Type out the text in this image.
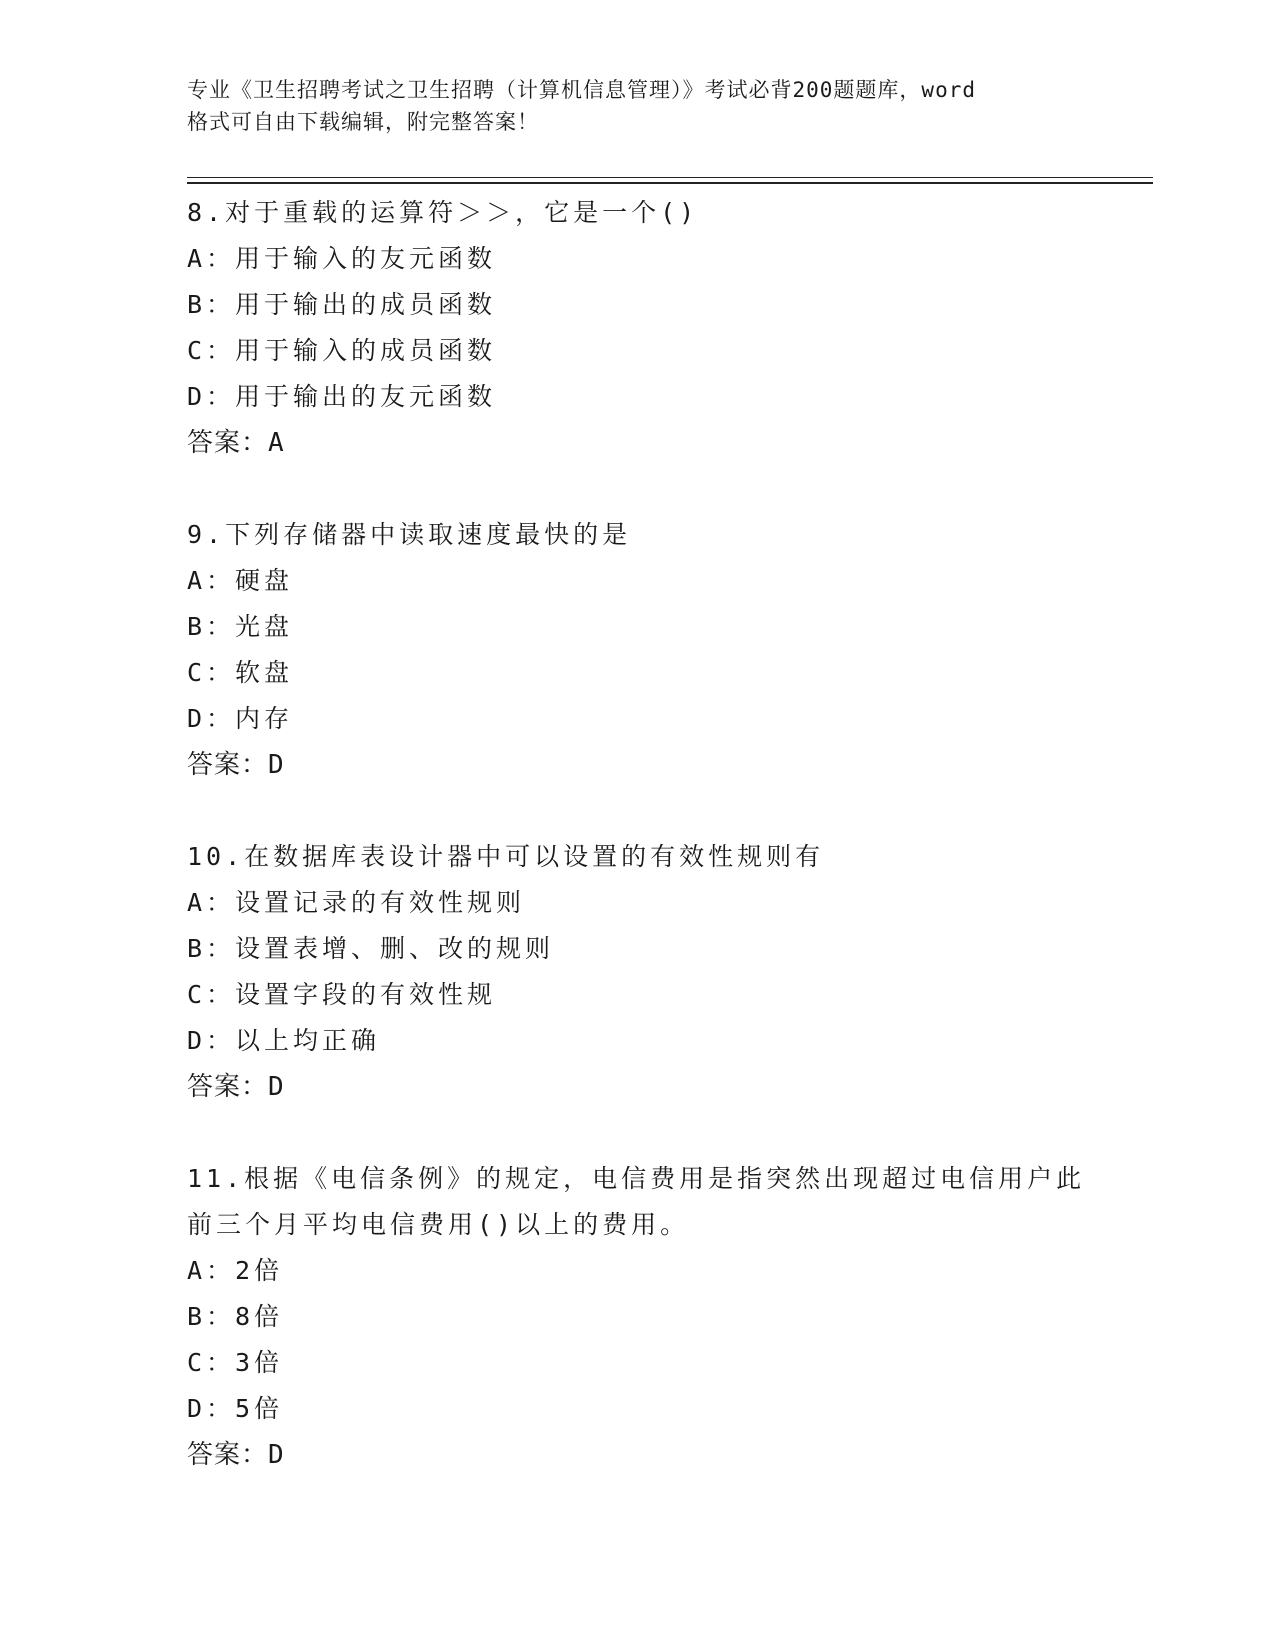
专业《卫生招聘考试之卫生招聘（计算机信息管理）》考试必背200题题库，word
格式可自由下载编辑，附完整答案！
8.对于重载的运算符＞＞，它是一个()
A：用于输入的友元函数
B：用于输出的成员函数
C：用于输入的成员函数
D：用于输出的友元函数
答案：A
9.下列存储器中读取速度最快的是
A：硬盘
B：光盘
C：软盘
D：内存
答案：D
10.在数据库表设计器中可以设置的有效性规则有
A：设置记录的有效性规则
B：设置表增、删、改的规则
C：设置字段的有效性规
D：以上均正确
答案：D
11.根据《电信条例》的规定，电信费用是指突然出现超过电信用户此
前三个月平均电信费用()以上的费用。
A：2倍
B：8倍
C：3倍
D：5倍
答案：D
